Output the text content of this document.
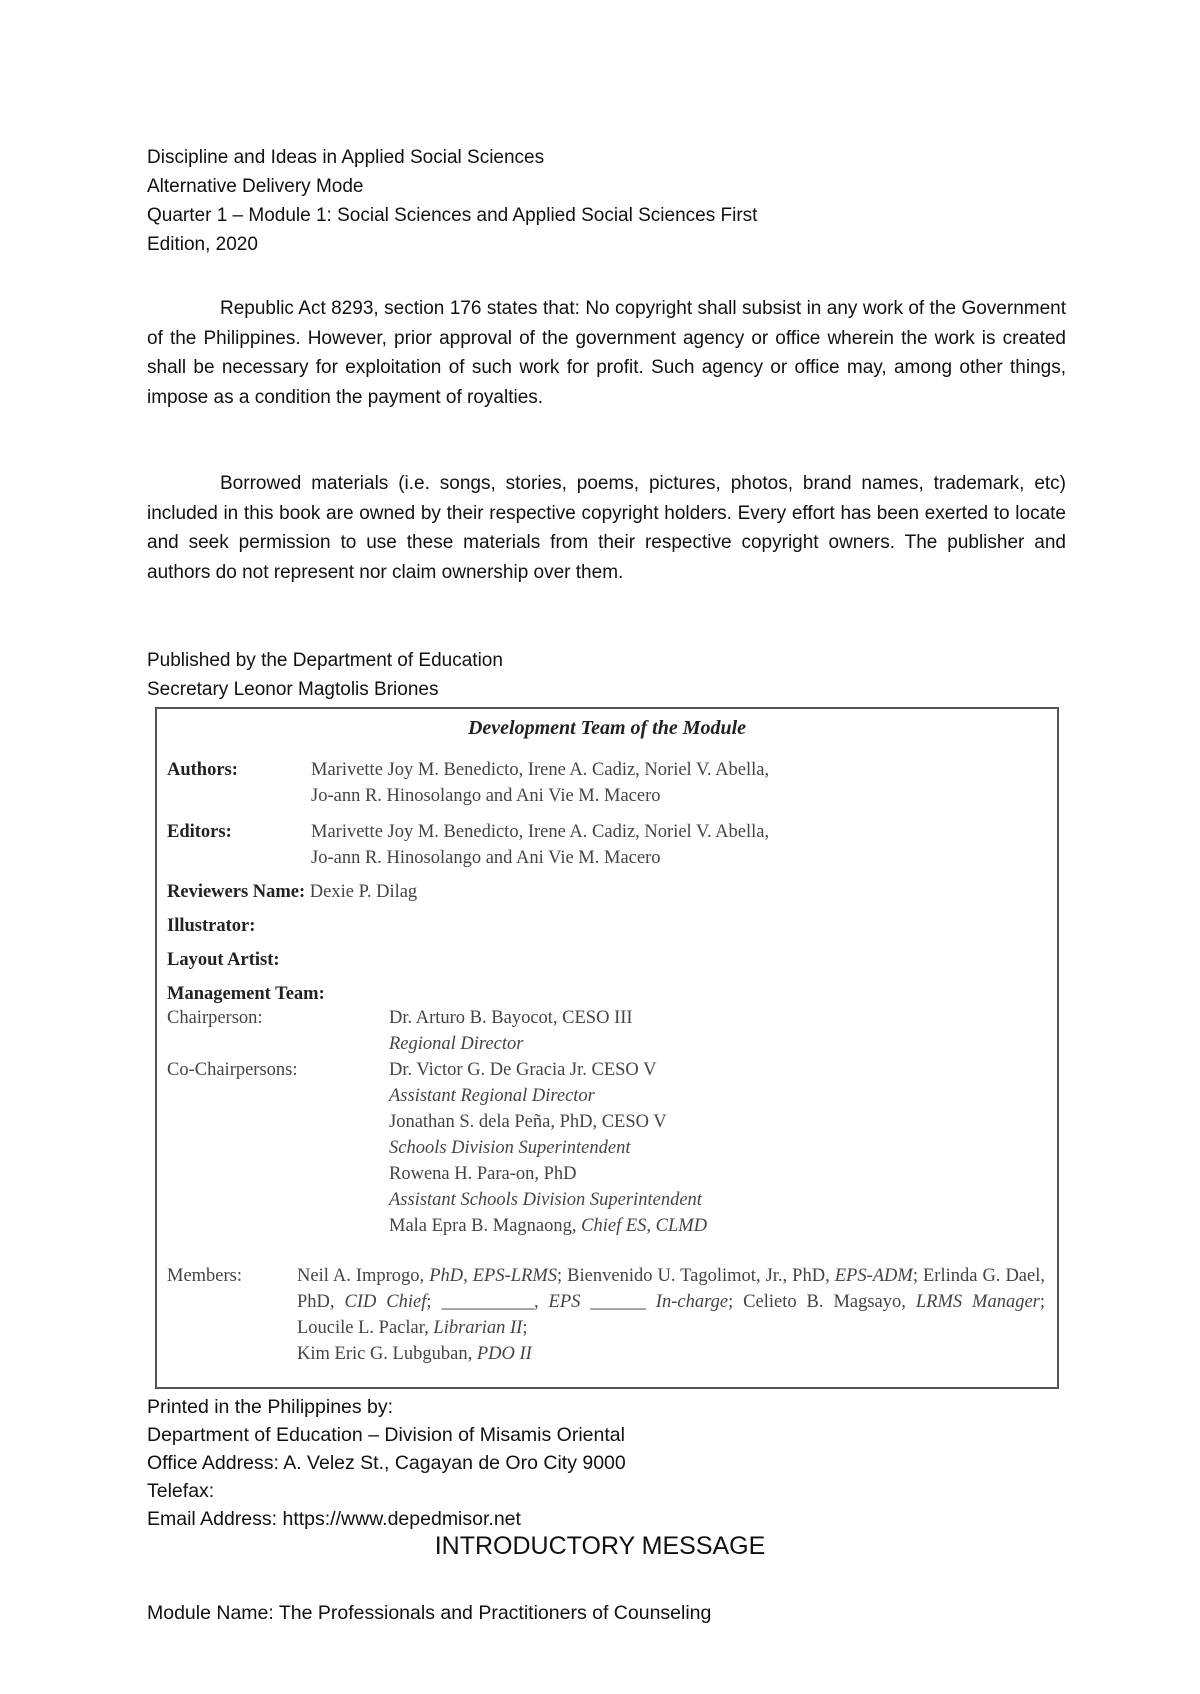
Discipline and Ideas in Applied Social Sciences
Alternative Delivery Mode
Quarter 1 – Module 1: Social Sciences and Applied Social Sciences First
Edition, 2020

Republic Act 8293, section 176 states that: No copyright shall subsist in any work of the Government of the Philippines. However, prior approval of the government agency or office wherein the work is created shall be necessary for exploitation of such work for profit. Such agency or office may, among other things, impose as a condition the payment of royalties.

Borrowed materials (i.e. songs, stories, poems, pictures, photos, brand names, trademark, etc) included in this book are owned by their respective copyright holders. Every effort has been exerted to locate and seek permission to use these materials from their respective copyright owners. The publisher and authors do not represent nor claim ownership over them.

Published by the Department of Education
Secretary Leonor Magtolis Briones
Development Team of the Module
Authors:	Marivette Joy M. Benedicto, Irene A. Cadiz, Noriel V. Abella,
Jo-ann R. Hinosolango and Ani Vie M. Macero
Editors:	Marivette Joy M. Benedicto, Irene A. Cadiz, Noriel V. Abella,
Jo-ann R. Hinosolango and Ani Vie M. Macero
Reviewers Name: Dexie P. Dilag
Illustrator:
Layout Artist:
Management Team:
Chairperson:	Dr. Arturo B. Bayocot, CESO III
Regional Director
Co-Chairpersons:	Dr. Victor G. De Gracia Jr. CESO V
Assistant Regional Director
Jonathan S. dela Peña, PhD, CESO V
Schools Division Superintendent
Rowena H. Para-on, PhD
Assistant Schools Division Superintendent
Mala Epra B. Magnaong, Chief ES, CLMD
Members:	Neil A. Improgo, PhD, EPS-LRMS; Bienvenido U. Tagolimot, Jr., PhD, EPS-ADM; Erlinda G. Dael, PhD, CID Chief; __________, EPS ______ In-charge; Celieto B. Magsayo, LRMS Manager; Loucile L. Paclar, Librarian II;
Kim Eric G. Lubguban, PDO II
Printed in the Philippines by:
Department of Education – Division of Misamis Oriental
Office Address: A. Velez St., Cagayan de Oro City 9000
Telefax:
Email Address: https://www.depedmisor.net
INTRODUCTORY MESSAGE
Module Name: The Professionals and Practitioners of Counseling
